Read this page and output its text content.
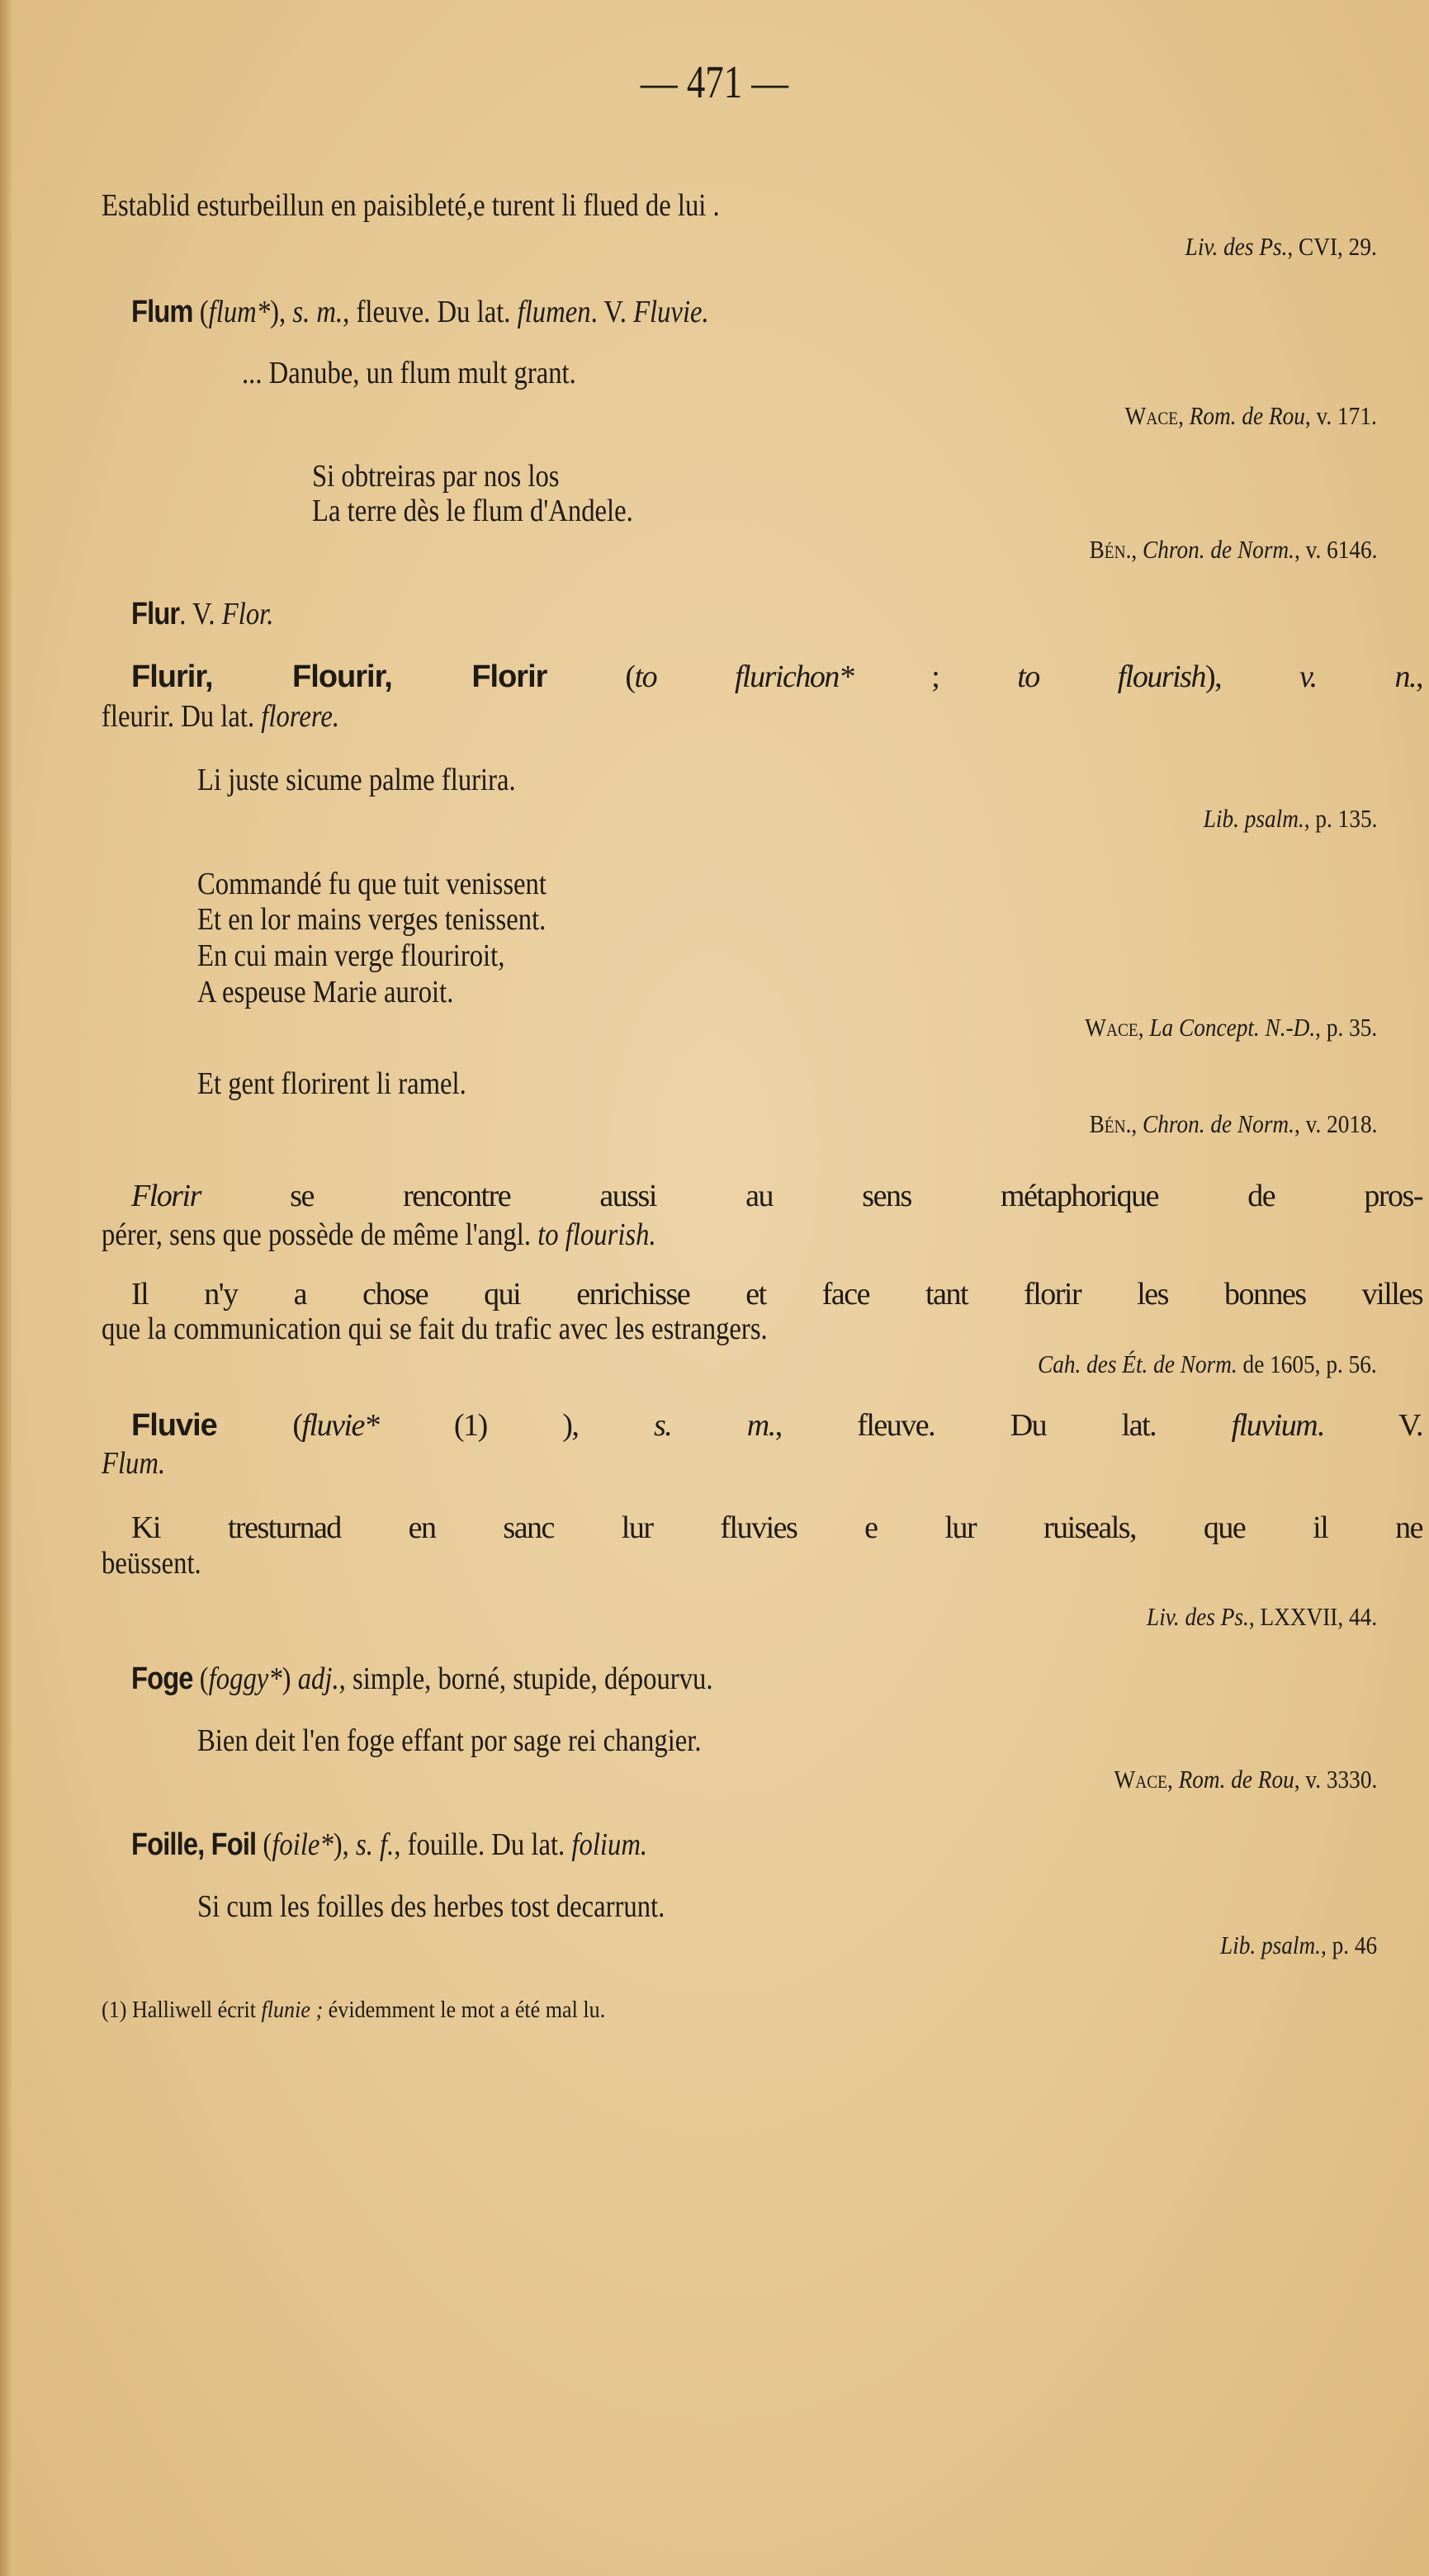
— 471 —
Establid esturbeillun en paisibleté,e turent li flued de lui .
Liv. des Ps., CVI, 29.
Flum (flum*), s. m., fleuve. Du lat. flumen. V. Fluvie.
... Danube, un flum mult grant.
Wace, Rom. de Rou, v. 171.
Si obtreiras par nos los
La terre dès le flum d'Andele.
Bén., Chron. de Norm., v. 6146.
Flur. V. Flor.
Flurir, Flourir, Florir (to flurichon* ; to flourish), v. n.,
fleurir. Du lat. florere.
Li juste sicume palme flurira.
Lib. psalm., p. 135.
Commandé fu que tuit venissent
Et en lor mains verges tenissent.
En cui main verge flouriroit,
A espeuse Marie auroit.
Wace, La Concept. N.-D., p. 35.
Et gent florirent li ramel.
Bén., Chron. de Norm., v. 2018.
Florir se rencontre aussi au sens métaphorique de pros-
pérer, sens que possède de même l'angl. to flourish.
Il n'y a chose qui enrichisse et face tant florir les bonnes villes
que la communication qui se fait du trafic avec les estrangers.
Cah. des Ét. de Norm. de 1605, p. 56.
Fluvie (fluvie* (1) ), s. m., fleuve. Du lat. fluvium. V.
Flum.
Ki tresturnad en sanc lur fluvies e lur ruiseals, que il ne
beüssent.
Liv. des Ps., LXXVII, 44.
Foge (foggy*) adj., simple, borné, stupide, dépourvu.
Bien deit l'en foge effant por sage rei changier.
Wace, Rom. de Rou, v. 3330.
Foille, Foil (foile*), s. f., fouille. Du lat. folium.
Si cum les foilles des herbes tost decarrunt.
Lib. psalm., p. 46
(1) Halliwell écrit flunie ; évidemment le mot a été mal lu.
